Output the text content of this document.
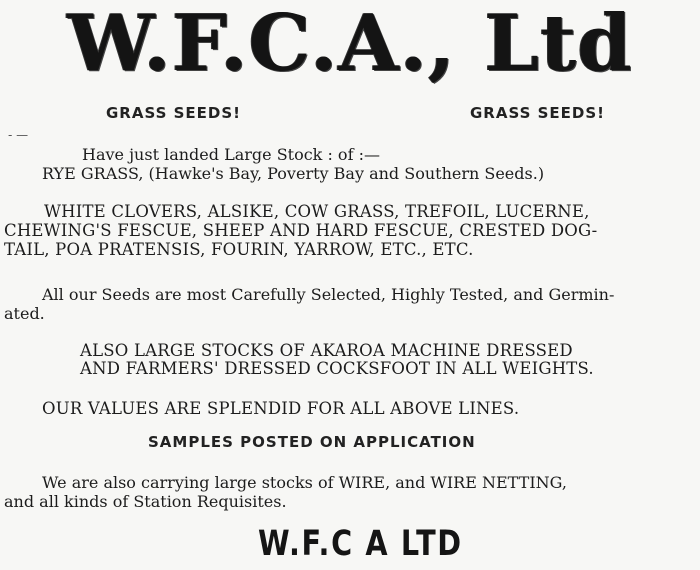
W.F.C.A., Ltd
GRASS SEEDS!	GRASS SEEDS!
- —
Have just landed Large Stock : of :—
RYE GRASS, (Hawke's Bay, Poverty Bay and Southern Seeds.)
WHITE CLOVERS, ALSIKE, COW GRASS, TREFOIL, LUCERNE,
CHEWING'S FESCUE, SHEEP AND HARD FESCUE, CRESTED DOG-
TAIL, POA PRATENSIS, FOURIN, YARROW, ETC., ETC.
All our Seeds are most Carefully Selected, Highly Tested, and Germin-
ated.
ALSO LARGE STOCKS OF AKAROA MACHINE DRESSED
AND FARMERS' DRESSED COCKSFOOT IN ALL WEIGHTS.
OUR VALUES ARE SPLENDID FOR ALL ABOVE LINES.
SAMPLES POSTED ON APPLICATION
We are also carrying large stocks of WIRE, and WIRE NETTING,
and all kinds of Station Requisites.
W.F.C A LTD
